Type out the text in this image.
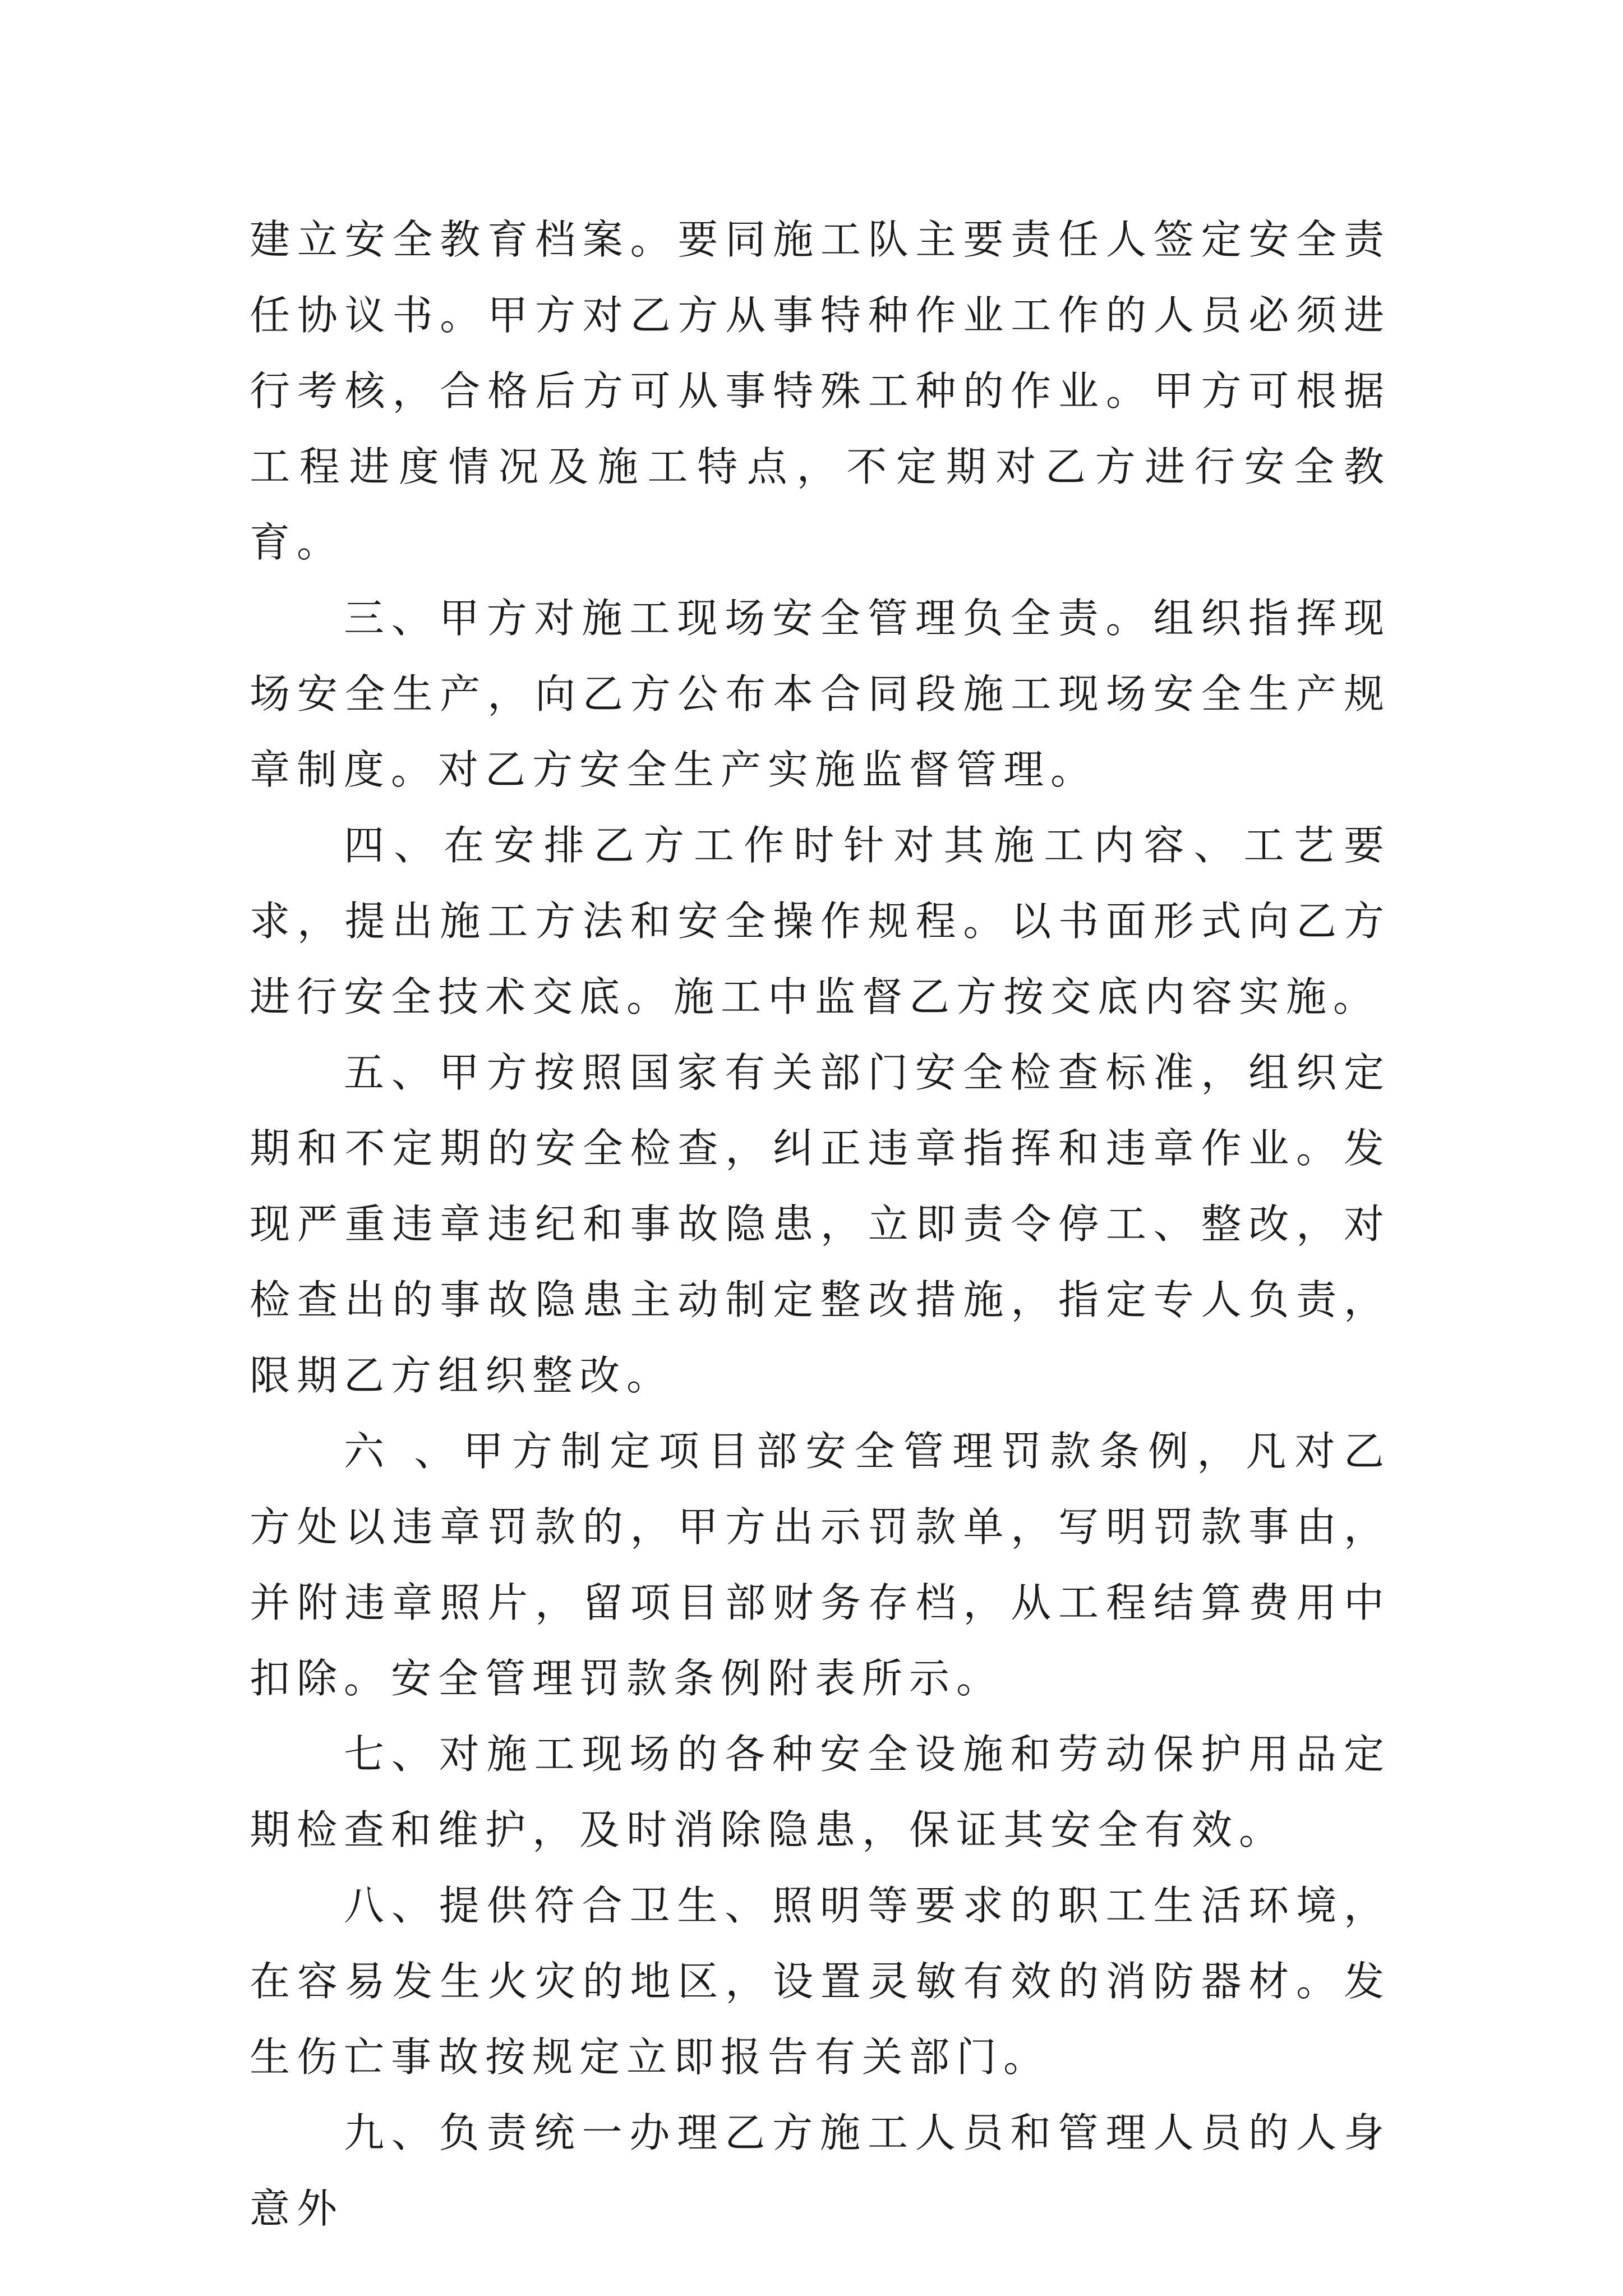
建立安全教育档案。要同施工队主要责任人签定安全责任协议书。甲方对乙方从事特种作业工作的人员必须进行考核，合格后方可从事特殊工种的作业。甲方可根据工程进度情况及施工特点，不定期对乙方进行安全教育。

三、甲方对施工现场安全管理负全责。组织指挥现场安全生产，向乙方公布本合同段施工现场安全生产规章制度。对乙方安全生产实施监督管理。

四、在安排乙方工作时针对其施工内容、工艺要求，提出施工方法和安全操作规程。以书面形式向乙方进行安全技术交底。施工中监督乙方按交底内容实施。

五、甲方按照国家有关部门安全检查标准，组织定期和不定期的安全检查，纠正违章指挥和违章作业。发现严重违章违纪和事故隐患，立即责令停工、整改，对检查出的事故隐患主动制定整改措施，指定专人负责，限期乙方组织整改。

六 、甲方制定项目部安全管理罚款条例，凡对乙方处以违章罚款的，甲方出示罚款单，写明罚款事由，并附违章照片，留项目部财务存档，从工程结算费用中扣除。安全管理罚款条例附表所示。

七、对施工现场的各种安全设施和劳动保护用品定期检查和维护，及时消除隐患，保证其安全有效。

八、提供符合卫生、照明等要求的职工生活环境，在容易发生火灾的地区，设置灵敏有效的消防器材。发生伤亡事故按规定立即报告有关部门。

九、负责统一办理乙方施工人员和管理人员的人身意外
